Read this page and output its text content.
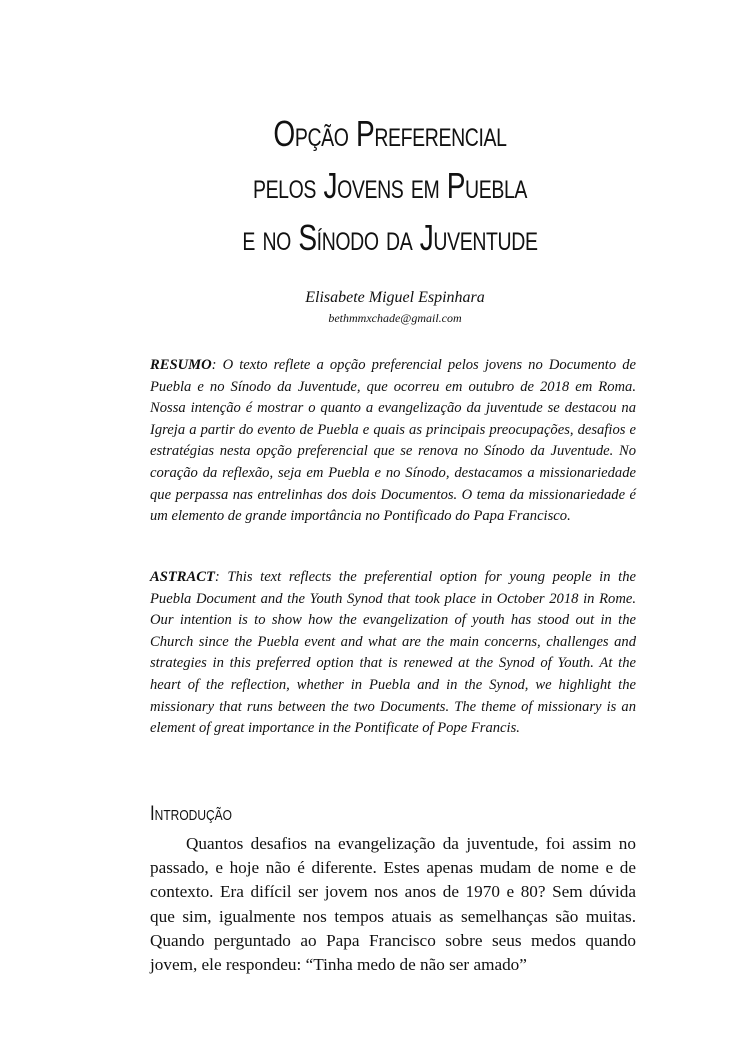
Opção Preferencial
pelos Jovens em Puebla
e no Sínodo da Juventude
Elisabete Miguel Espinhara
bethmmxchade@gmail.com
RESUMO: O texto reflete a opção preferencial pelos jovens no Documento de Puebla e no Sínodo da Juventude, que ocorreu em outubro de 2018 em Roma. Nossa intenção é mostrar o quanto a evangelização da juventude se destacou na Igreja a partir do evento de Puebla e quais as principais preocupações, desafios e estratégias nesta opção preferencial que se renova no Sínodo da Juventude. No coração da reflexão, seja em Puebla e no Sínodo, destacamos a missionariedade que perpassa nas entrelinhas dos dois Documentos. O tema da missionariedade é um elemento de grande importância no Pontificado do Papa Francisco.
ASTRACT: This text reflects the preferential option for young people in the Puebla Document and the Youth Synod that took place in October 2018 in Rome. Our intention is to show how the evangelization of youth has stood out in the Church since the Puebla event and what are the main concerns, challenges and strategies in this preferred option that is renewed at the Synod of Youth. At the heart of the reflection, whether in Puebla and in the Synod, we highlight the missionary that runs between the two Documents. The theme of missionary is an element of great importance in the Pontificate of Pope Francis.
Introdução
Quantos desafios na evangelização da juventude, foi assim no passado, e hoje não é diferente. Estes apenas mudam de nome e de contexto. Era difícil ser jovem nos anos de 1970 e 80? Sem dúvida que sim, igualmente nos tempos atuais as semelhanças são muitas. Quando perguntado ao Papa Francisco sobre seus medos quando jovem, ele respondeu: “Tinha medo de não ser amado”
